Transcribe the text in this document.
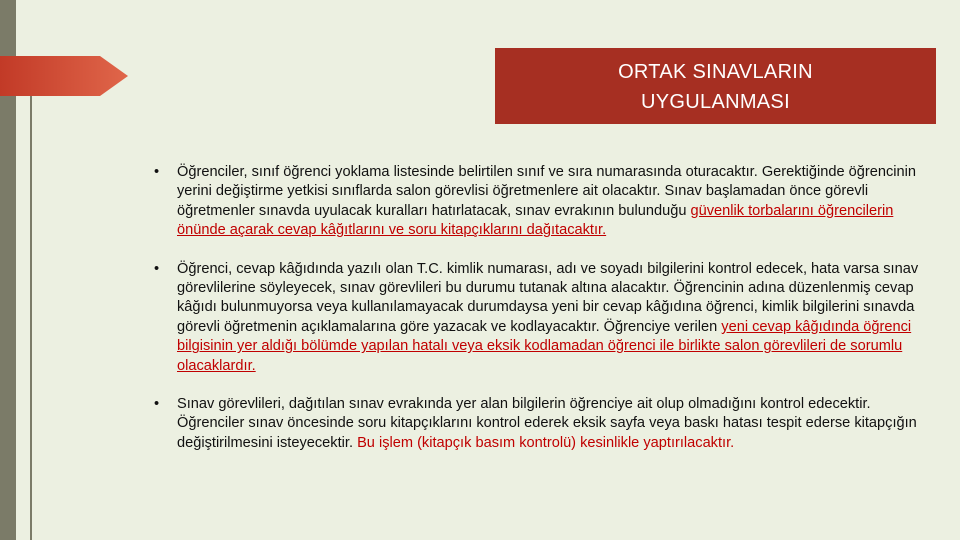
ORTAK SINAVLARIN
UYGULANMASI
• Öğrenciler, sınıf öğrenci yoklama listesinde belirtilen sınıf ve sıra numarasında oturacaktır. Gerektiğinde öğrencinin yerini değiştirme yetkisi sınıflarda salon görevlisi öğretmenlere ait olacaktır. Sınav başlamadan önce görevli öğretmenler sınavda uyulacak kuralları hatırlatacak, sınav evrakının bulunduğu güvenlik torbalarını öğrencilerin önünde açarak cevap kâğıtlarını ve soru kitapçıklarını dağıtacaktır.
• Öğrenci, cevap kâğıdında yazılı olan T.C. kimlik numarası, adı ve soyadı bilgilerini kontrol edecek, hata varsa sınav görevlilerine söyleyecek, sınav görevlileri bu durumu tutanak altına alacaktır. Öğrencinin adına düzenlenmiş cevap kâğıdı bulunmuyorsa veya kullanılamayacak durumdaysa yeni bir cevap kâğıdına öğrenci, kimlik bilgilerini sınavda görevli öğretmenin açıklamalarına göre yazacak ve kodlayacaktır. Öğrenciye verilen yeni cevap kâğıdında öğrenci bilgisinin yer aldığı bölümde yapılan hatalı veya eksik kodlamadan öğrenci ile birlikte salon görevlileri de sorumlu olacaklardır.
• Sınav görevlileri, dağıtılan sınav evrakında yer alan bilgilerin öğrenciye ait olup olmadığını kontrol edecektir. Öğrenciler sınav öncesinde soru kitapçıklarını kontrol ederek eksik sayfa veya baskı hatası tespit ederse kitapçığın değiştirilmesini isteyecektir. Bu işlem (kitapçık basım kontrolü) kesinlikle yaptırılacaktır.
